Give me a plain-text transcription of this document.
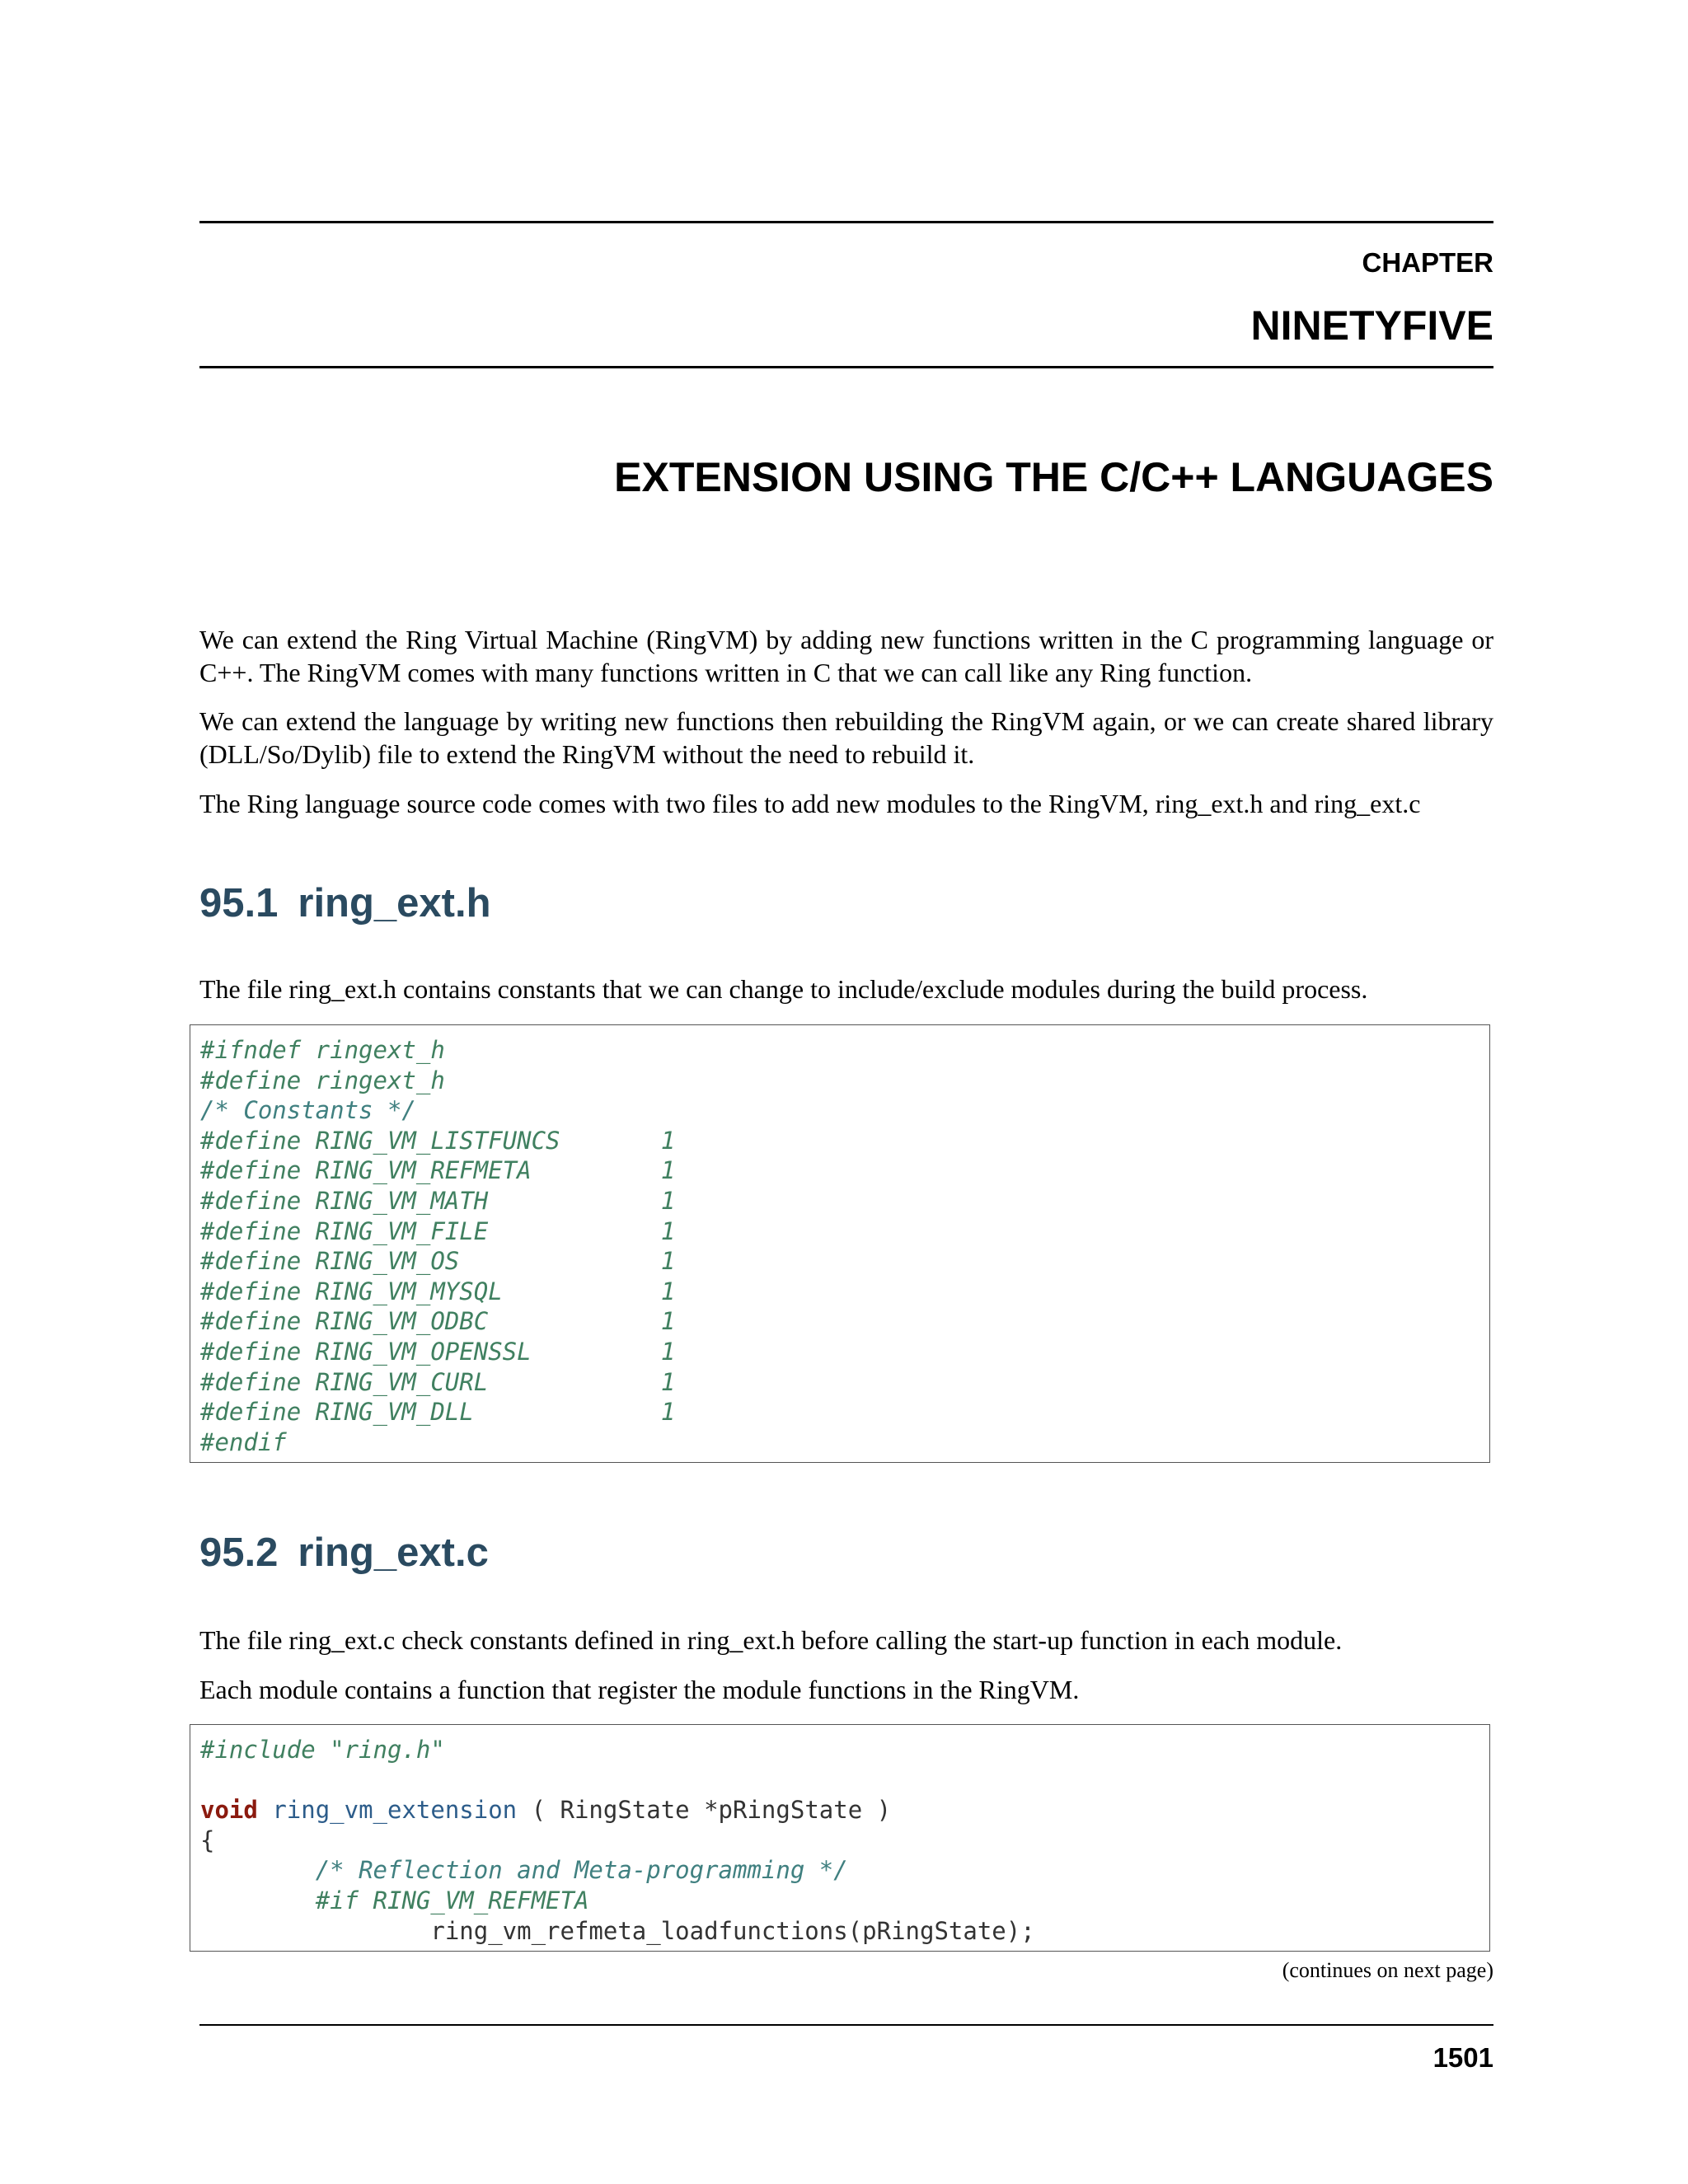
CHAPTER
NINETYFIVE
EXTENSION USING THE C/C++ LANGUAGES
We can extend the Ring Virtual Machine (RingVM) by adding new functions written in the C programming language or C++. The RingVM comes with many functions written in C that we can call like any Ring function.
We can extend the language by writing new functions then rebuilding the RingVM again, or we can create shared library (DLL/So/Dylib) file to extend the RingVM without the need to rebuild it.
The Ring language source code comes with two files to add new modules to the RingVM, ring_ext.h and ring_ext.c
95.1 ring_ext.h
The file ring_ext.h contains constants that we can change to include/exclude modules during the build process.
#ifndef ringext_h
#define ringext_h
/* Constants */
#define RING_VM_LISTFUNCS       1
#define RING_VM_REFMETA         1
#define RING_VM_MATH            1
#define RING_VM_FILE            1
#define RING_VM_OS              1
#define RING_VM_MYSQL           1
#define RING_VM_ODBC            1
#define RING_VM_OPENSSL         1
#define RING_VM_CURL            1
#define RING_VM_DLL             1
#endif
95.2 ring_ext.c
The file ring_ext.c check constants defined in ring_ext.h before calling the start-up function in each module.
Each module contains a function that register the module functions in the RingVM.
#include "ring.h"

void ring_vm_extension ( RingState *pRingState )
{
/* Reflection and Meta-programming */
#if RING_VM_REFMETA
ring_vm_refmeta_loadfunctions(pRingState);
(continues on next page)
1501
